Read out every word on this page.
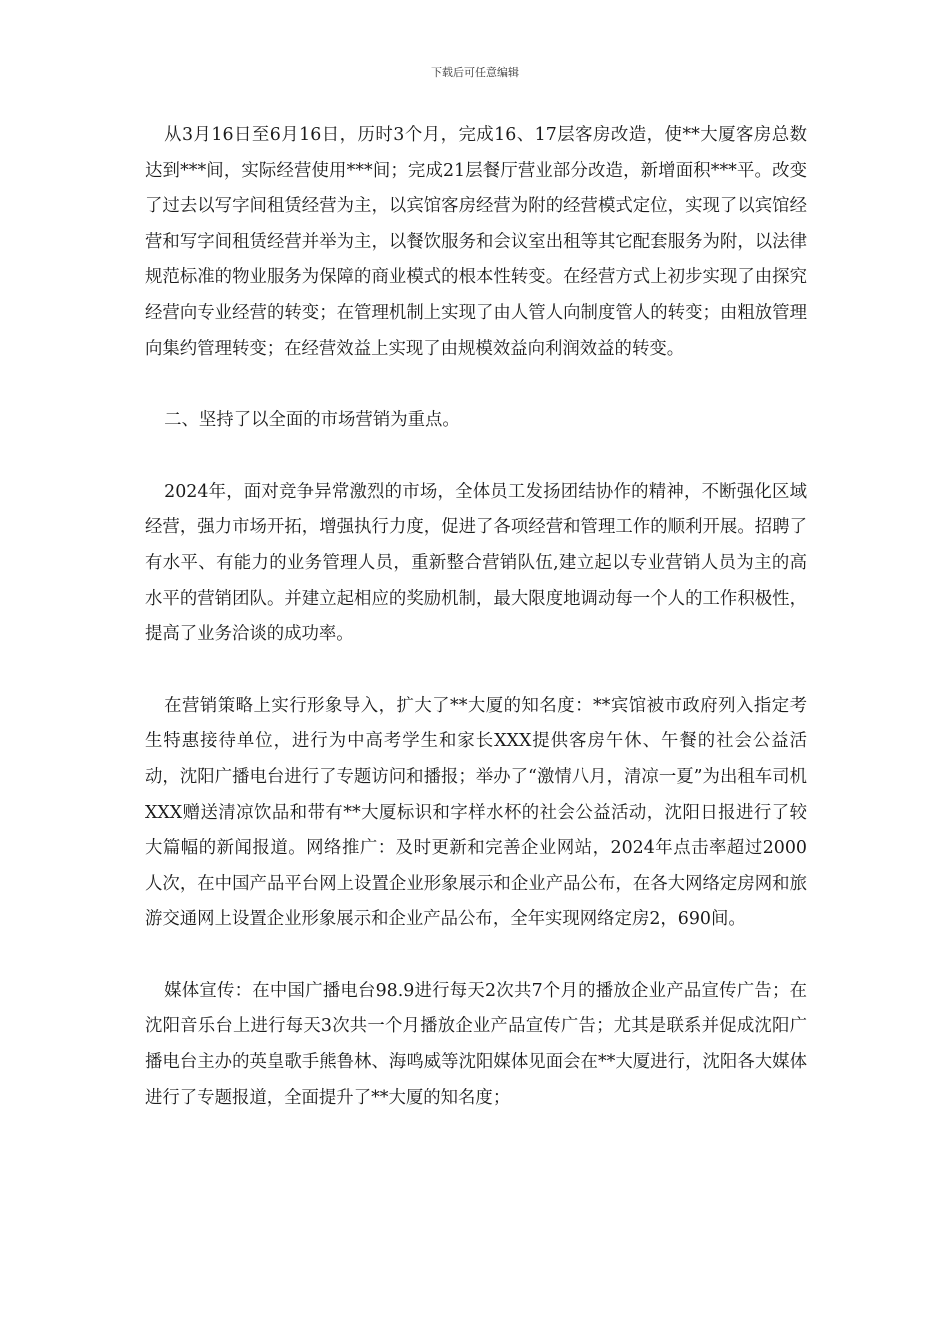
下载后可任意编辑

从3月16日至6月16日，历时3个月，完成16、17层客房改造，使**大厦客房总数达到***间，实际经营使用***间；完成21层餐厅营业部分改造，新增面积***平。改变了过去以写字间租赁经营为主，以宾馆客房经营为附的经营模式定位，实现了以宾馆经营和写字间租赁经营并举为主，以餐饮服务和会议室出租等其它配套服务为附，以法律规范标准的物业服务为保障的商业模式的根本性转变。在经营方式上初步实现了由探究经营向专业经营的转变；在管理机制上实现了由人管人向制度管人的转变；由粗放管理向集约管理转变；在经营效益上实现了由规模效益向利润效益的转变。

二、坚持了以全面的市场营销为重点。

2024年，面对竞争异常激烈的市场，全体员工发扬团结协作的精神，不断强化区域经营，强力市场开拓，增强执行力度，促进了各项经营和管理工作的顺利开展。招聘了有水平、有能力的业务管理人员，重新整合营销队伍,建立起以专业营销人员为主的高水平的营销团队。并建立起相应的奖励机制，最大限度地调动每一个人的工作积极性，提高了业务洽谈的成功率。

在营销策略上实行形象导入，扩大了**大厦的知名度：**宾馆被市政府列入指定考生特惠接待单位，进行为中高考学生和家长XXX提供客房午休、午餐的社会公益活动，沈阳广播电台进行了专题访问和播报；举办了“激情八月，清凉一夏”为出租车司机XXX赠送清凉饮品和带有**大厦标识和字样水杯的社会公益活动，沈阳日报进行了较大篇幅的新闻报道。网络推广：及时更新和完善企业网站，2024年点击率超过2000人次，在中国产品平台网上设置企业形象展示和企业产品公布，在各大网络定房网和旅游交通网上设置企业形象展示和企业产品公布，全年实现网络定房2，690间。

媒体宣传：在中国广播电台98.9进行每天2次共7个月的播放企业产品宣传广告；在沈阳音乐台上进行每天3次共一个月播放企业产品宣传广告；尤其是联系并促成沈阳广播电台主办的英皇歌手熊鲁林、海鸣威等沈阳媒体见面会在**大厦进行，沈阳各大媒体进行了专题报道，全面提升了**大厦的知名度；
